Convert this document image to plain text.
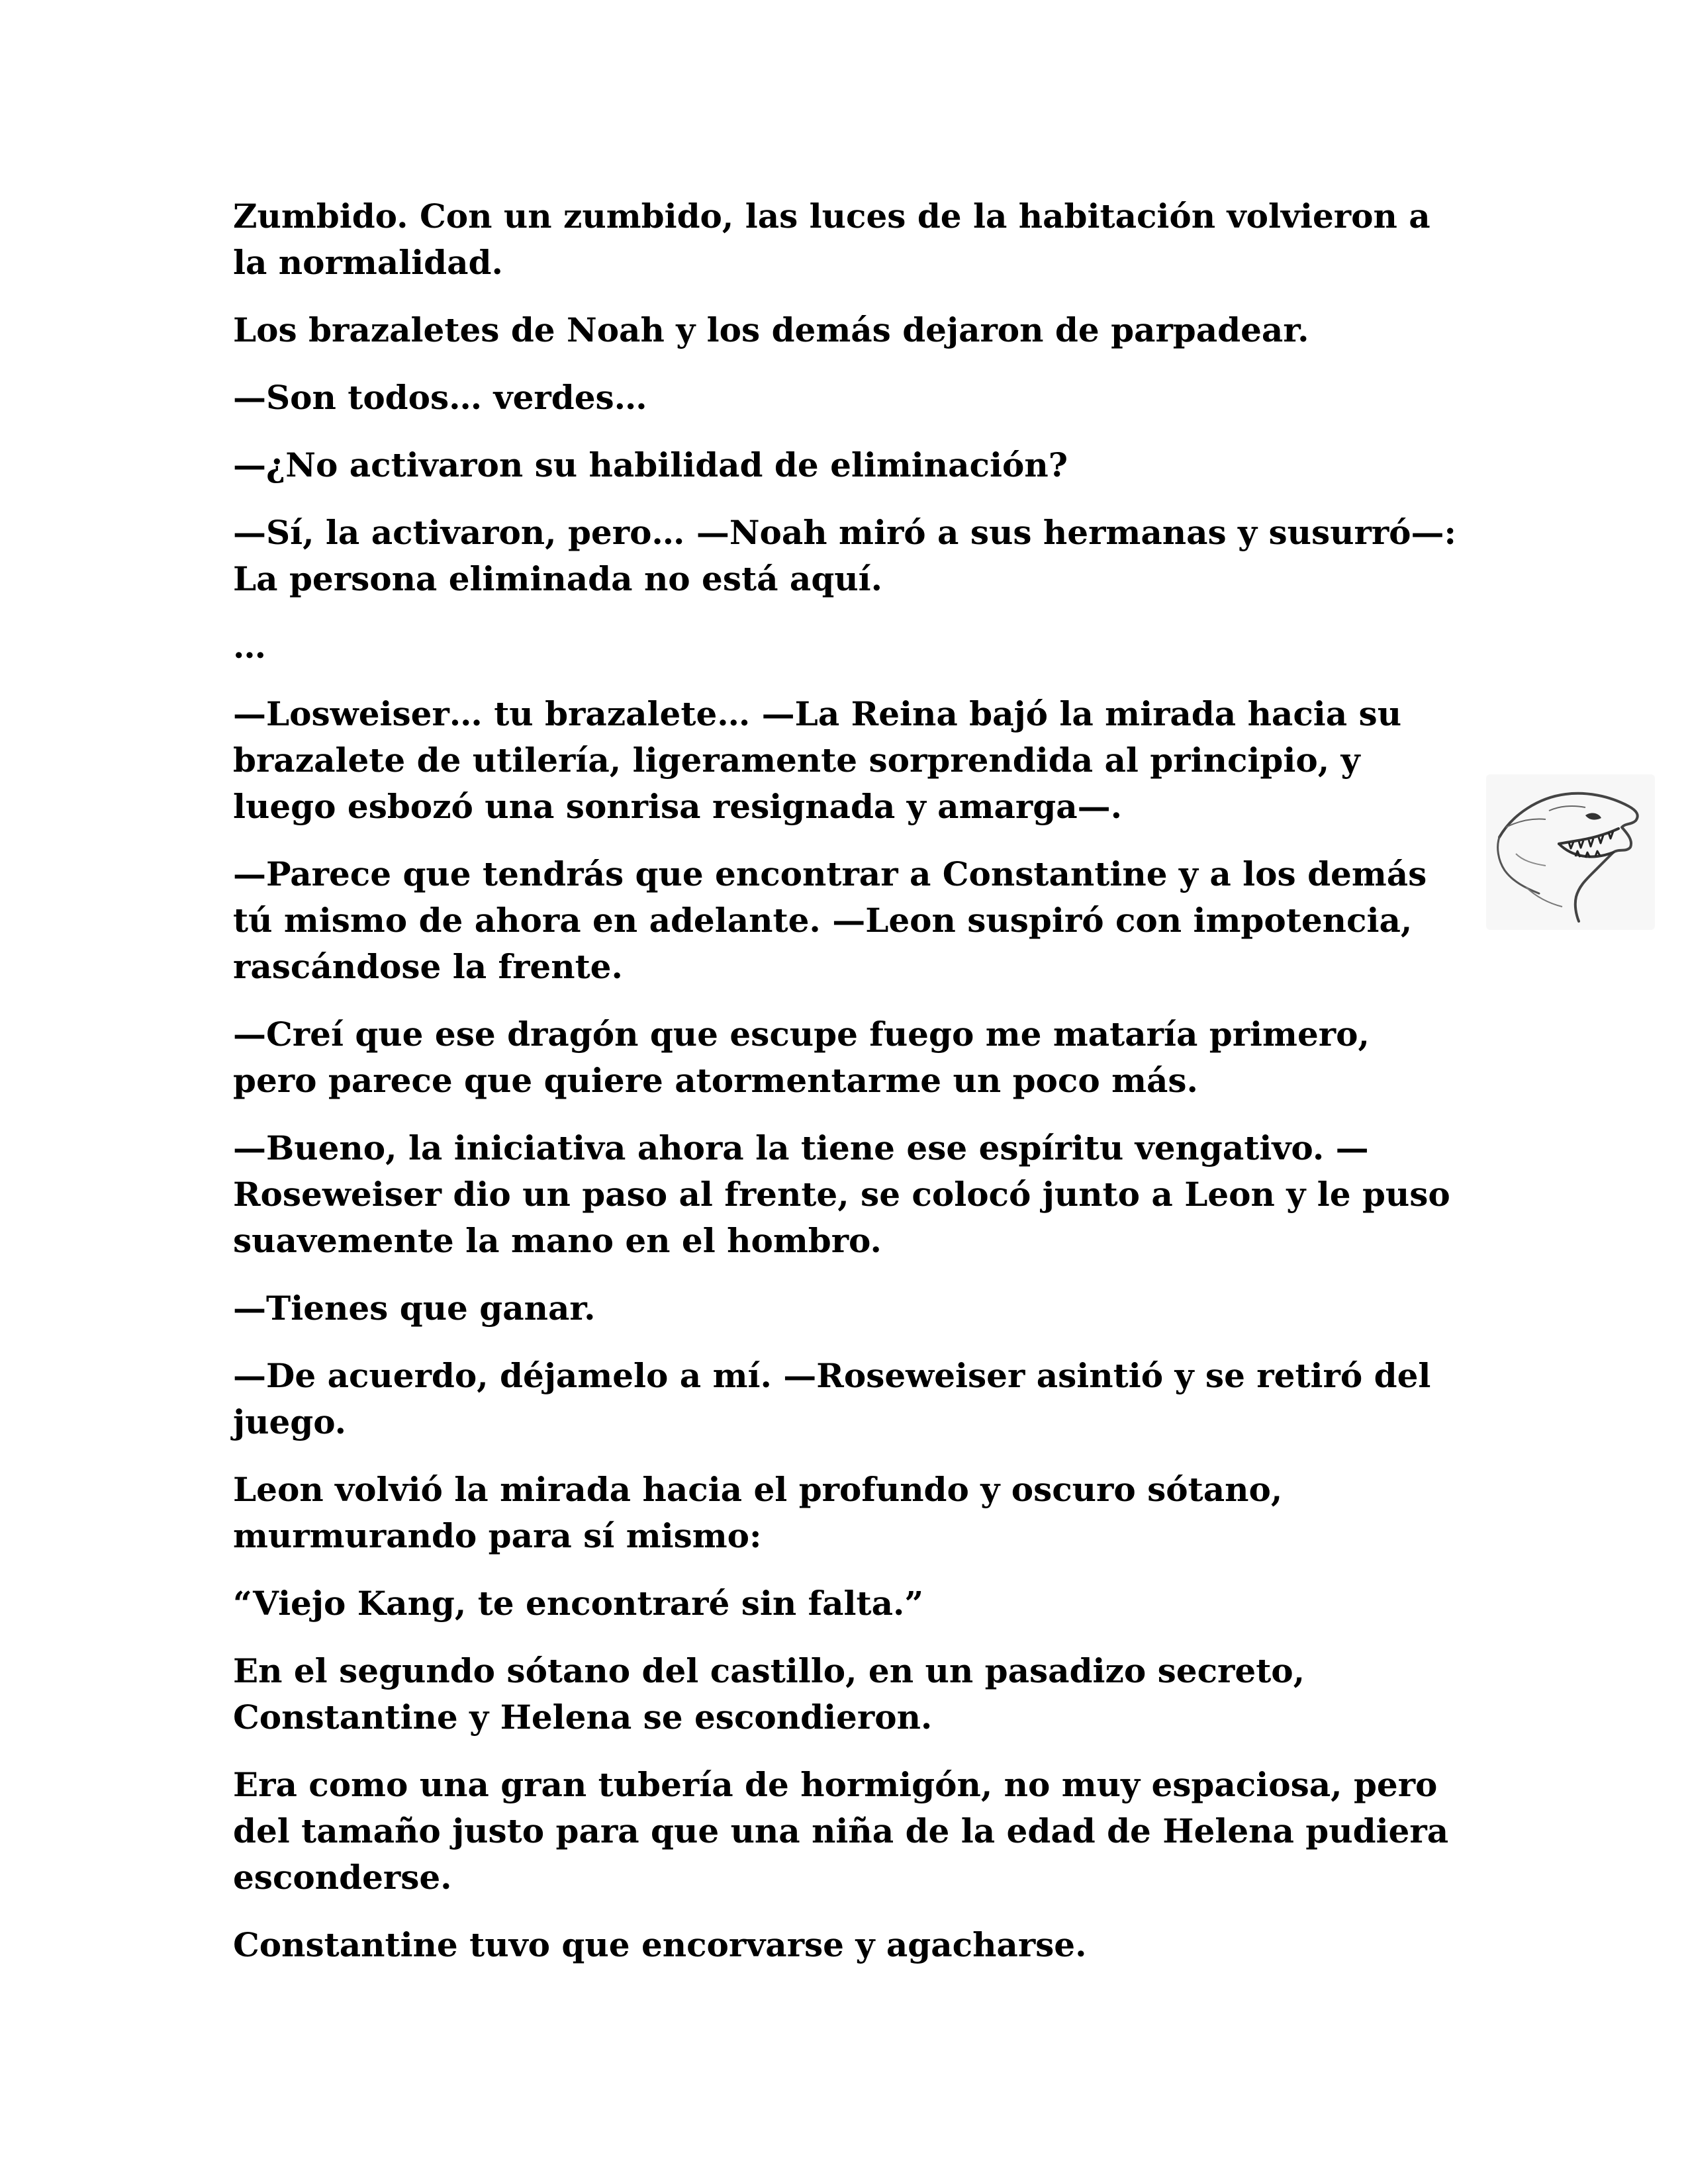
Zumbido. Con un zumbido, las luces de la habitación volvieron a la normalidad.

Los brazaletes de Noah y los demás dejaron de parpadear.

—Son todos… verdes…

—¿No activaron su habilidad de eliminación?

—Sí, la activaron, pero… —Noah miró a sus hermanas y susurró—: La persona eliminada no está aquí.

…

—Losweiser… tu brazalete… —La Reina bajó la mirada hacia su brazalete de utilería, ligeramente sorprendida al principio, y luego esbozó una sonrisa resignada y amarga—.

—Parece que tendrás que encontrar a Constantine y a los demás tú mismo de ahora en adelante. —Leon suspiró con impotencia, rascándose la frente.

—Creí que ese dragón que escupe fuego me mataría primero, pero parece que quiere atormentarme un poco más.

—Bueno, la iniciativa ahora la tiene ese espíritu vengativo. —Roseweiser dio un paso al frente, se colocó junto a Leon y le puso suavemente la mano en el hombro.

—Tienes que ganar.

—De acuerdo, déjamelo a mí. —Roseweiser asintió y se retiró del juego.

Leon volvió la mirada hacia el profundo y oscuro sótano, murmurando para sí mismo:

“Viejo Kang, te encontraré sin falta.”

En el segundo sótano del castillo, en un pasadizo secreto, Constantine y Helena se escondieron.

Era como una gran tubería de hormigón, no muy espaciosa, pero del tamaño justo para que una niña de la edad de Helena pudiera esconderse.

Constantine tuvo que encorvarse y agacharse.
